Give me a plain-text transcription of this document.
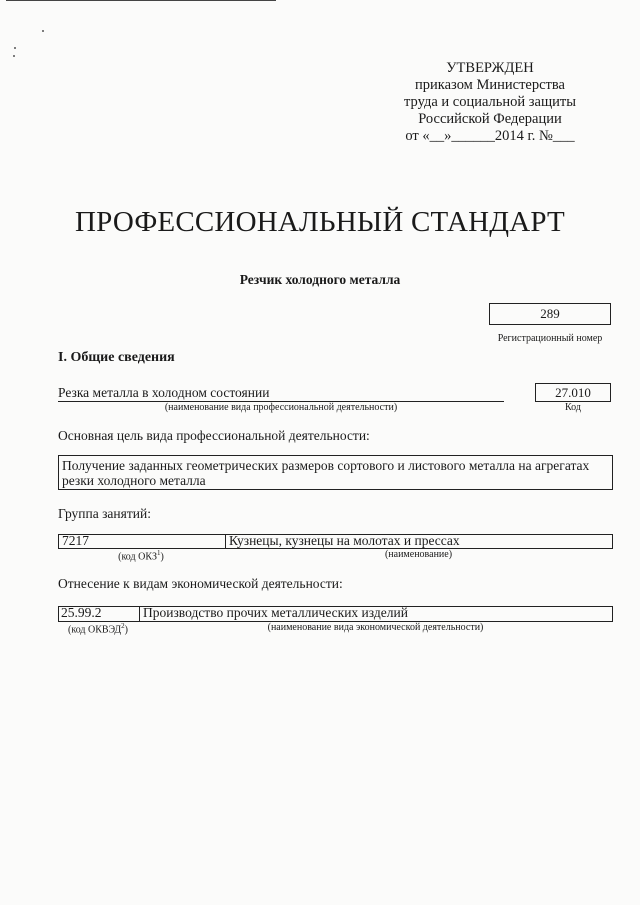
УТВЕРЖДЕН
приказом Министерства
труда и социальной защиты
Российской Федерации
от «__»______2014 г. №___
ПРОФЕССИОНАЛЬНЫЙ СТАНДАРТ
Резчик холодного металла
289
Регистрационный номер
I. Общие сведения
Резка металла в холодном состоянии
(наименование вида профессиональной деятельности)
27.010
Код
Основная цель вида профессиональной деятельности:
Получение заданных геометрических размеров сортового и листового металла на агрегатах резки холодного металла
Группа занятий:
7217	Кузнецы, кузнецы на молотах и прессах
(код ОКЗ$^1$)	(наименование)
Отнесение к видам экономической деятельности:
25.99.2	Производство прочих металлических изделий
(код ОКВЭД$^2$)	(наименование вида экономической деятельности)
